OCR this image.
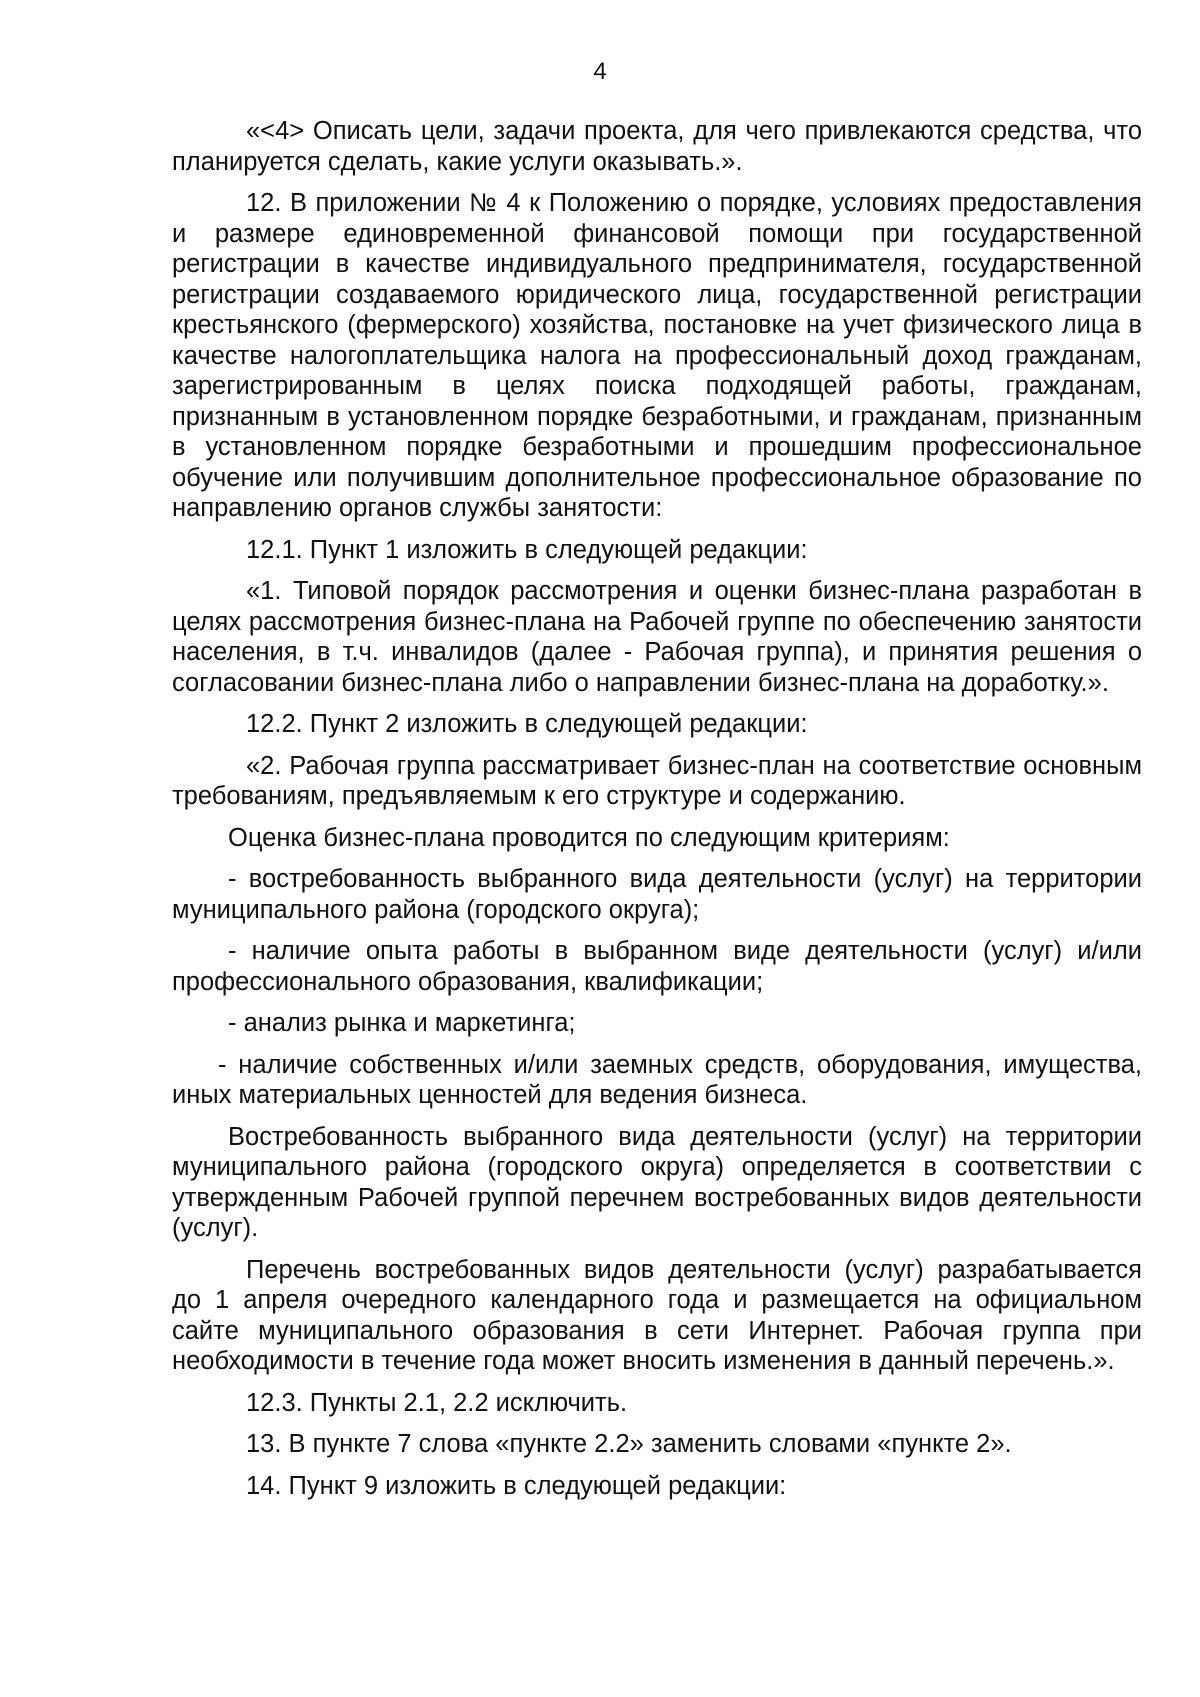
4

«<4> Описать цели, задачи проекта, для чего привлекаются средства, что планируется сделать, какие услуги оказывать.».

12. В приложении № 4 к Положению о порядке, условиях предоставления и размере единовременной финансовой помощи при государственной регистрации в качестве индивидуального предпринимателя, государственной регистрации создаваемого юридического лица, государственной регистрации крестьянского (фермерского) хозяйства, постановке на учет физического лица в качестве налогоплательщика налога на профессиональный доход гражданам, зарегистрированным в целях поиска подходящей работы, гражданам, признанным в установленном порядке безработными, и гражданам, признанным в установленном порядке безработными и прошедшим профессиональное обучение или получившим дополнительное профессиональное образование по направлению органов службы занятости:

12.1. Пункт 1 изложить в следующей редакции:

«1. Типовой порядок рассмотрения и оценки бизнес-плана разработан в целях рассмотрения бизнес-плана на Рабочей группе по обеспечению занятости населения, в т.ч. инвалидов (далее - Рабочая группа), и принятия решения о согласовании бизнес-плана либо о направлении бизнес-плана на доработку.».

12.2. Пункт 2 изложить в следующей редакции:

«2. Рабочая группа рассматривает бизнес-план на соответствие основным требованиям, предъявляемым к его структуре и содержанию.

Оценка бизнес-плана проводится по следующим критериям:

- востребованность выбранного вида деятельности (услуг) на территории муниципального района (городского округа);

- наличие опыта работы в выбранном виде деятельности (услуг) и/или профессионального образования, квалификации;

- анализ рынка и маркетинга;

- наличие собственных и/или заемных средств, оборудования, имущества, иных материальных ценностей для ведения бизнеса.

Востребованность выбранного вида деятельности (услуг) на территории муниципального района (городского округа) определяется в соответствии с утвержденным Рабочей группой перечнем востребованных видов деятельности (услуг).

Перечень востребованных видов деятельности (услуг) разрабатывается до 1 апреля очередного календарного года и размещается на официальном сайте муниципального образования в сети Интернет. Рабочая группа при необходимости в течение года может вносить изменения в данный перечень.».

12.3. Пункты 2.1, 2.2 исключить.

13. В пункте 7 слова «пункте 2.2» заменить словами «пункте 2».

14. Пункт 9 изложить в следующей редакции:
